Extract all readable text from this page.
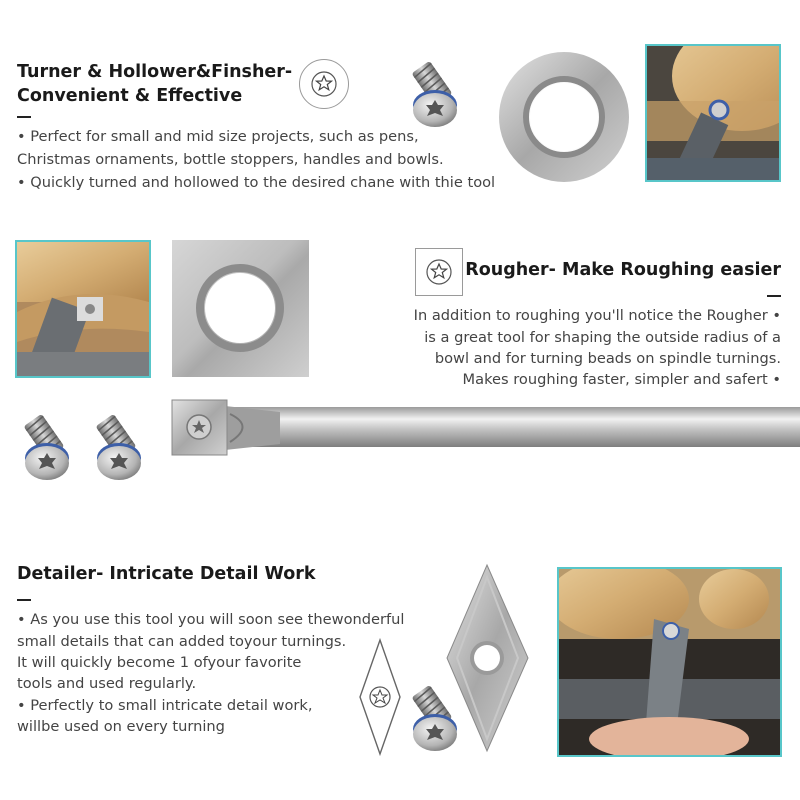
Turner & Hollower&Finsher-
Convenient & Effective
• Perfect for small and mid size projects, such as pens,
Christmas ornaments, bottle stoppers, handles and bowls.
• Quickly turned and hollowed to the desired chane with thie tool
Rougher- Make Roughing easier
In addition to roughing you'll notice the Rougher •
is a great tool for shaping the outside radius of a
bowl and for turning beads on spindle turnings.
Makes roughing faster, simpler and safert •
Detailer- Intricate Detail Work
• As you use this tool you will soon see thewonderful
small details that can added toyour turnings.
It will quickly become 1 ofyour favorite
tools and used regularly.
• Perfectly to small intricate detail work,
willbe used on every turning
